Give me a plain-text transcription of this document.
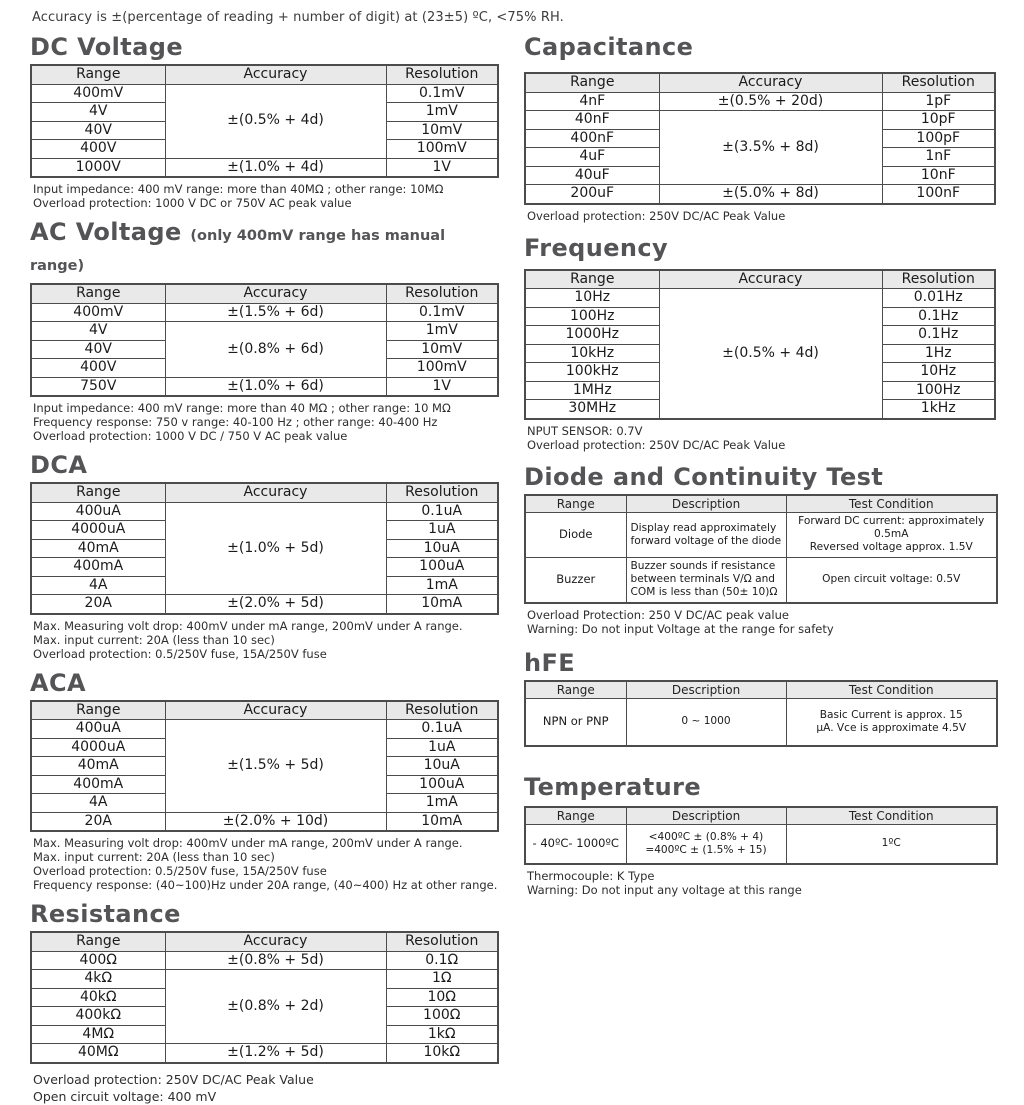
Accuracy is ±(percentage of reading + number of digit) at (23±5) ºC, <75% RH.
DC Voltage
Range	Accuracy	Resolution
400mV	±(0.5% + 4d)	0.1mV
4V		1mV
40V		10mV
400V		100mV
1000V	±(1.0% + 4d)	1V
Input impedance: 400 mV range: more than 40MΩ ; other range: 10MΩ
Overload protection: 1000 V DC or 750V AC peak value
AC Voltage (only 400mV range has manual range)
Range	Accuracy	Resolution
400mV	±(1.5% + 6d)	0.1mV
4V	±(0.8% + 6d)	1mV
40V		10mV
400V		100mV
750V	±(1.0% + 6d)	1V
Input impedance: 400 mV range: more than 40 MΩ ; other range: 10 MΩ
Frequency response: 750 v range: 40-100 Hz ; other range: 40-400 Hz
Overload protection: 1000 V DC / 750 V AC peak value
DCA
Range	Accuracy	Resolution
400uA	±(1.0% + 5d)	0.1uA
4000uA		1uA
40mA		10uA
400mA		100uA
4A		1mA
20A	±(2.0% + 5d)	10mA
Max. Measuring volt drop: 400mV under mA range, 200mV under A range.
Max. input current: 20A (less than 10 sec)
Overload protection: 0.5/250V fuse, 15A/250V fuse
ACA
Range	Accuracy	Resolution
400uA	±(1.5% + 5d)	0.1uA
4000uA		1uA
40mA		10uA
400mA		100uA
4A		1mA
20A	±(2.0% + 10d)	10mA
Max. Measuring volt drop: 400mV under mA range, 200mV under A range.
Max. input current: 20A (less than 10 sec)
Overload protection: 0.5/250V fuse, 15A/250V fuse
Frequency response: (40~100)Hz under 20A range, (40~400) Hz at other range.
Resistance
Range	Accuracy	Resolution
400Ω	±(0.8% + 5d)	0.1Ω
4kΩ	±(0.8% + 2d)	1Ω
40kΩ		10Ω
400kΩ		100Ω
4MΩ		1kΩ
40MΩ	±(1.2% + 5d)	10kΩ
Overload protection: 250V DC/AC Peak Value
Open circuit voltage: 400 mV
Capacitance
Range	Accuracy	Resolution
4nF	±(0.5% + 20d)	1pF
40nF	±(3.5% + 8d)	10pF
400nF		100pF
4uF		1nF
40uF		10nF
200uF	±(5.0% + 8d)	100nF
Overload protection: 250V DC/AC Peak Value
Frequency
Range	Accuracy	Resolution
10Hz	±(0.5% + 4d)	0.01Hz
100Hz		0.1Hz
1000Hz		0.1Hz
10kHz		1Hz
100kHz		10Hz
1MHz		100Hz
30MHz		1kHz
NPUT SENSOR: 0.7V
Overload protection: 250V DC/AC Peak Value
Diode and Continuity Test
Range	Description	Test Condition
Diode	Display read approximately forward voltage of the diode	Forward DC current: approximately 0.5mA
Reversed voltage approx. 1.5V

Buzzer	Buzzer sounds if resistance between terminals V/Ω and COM is less than (50± 10)Ω	Open circuit voltage: 0.5V
Overload Protection: 250 V DC/AC peak value
Warning: Do not input Voltage at the range for safety
hFE
Range	Description	Test Condition
NPN or PNP	0 ~ 1000	Basic Current is approx. 15
µA. Vce is approximate 4.5V
Temperature
Range	Description	Test Condition
- 40ºC- 1000ºC	<400ºC ± (0.8% + 4)
=400ºC ± (1.5% + 15)	1ºC
Thermocouple: K Type
Warning: Do not input any voltage at this range
